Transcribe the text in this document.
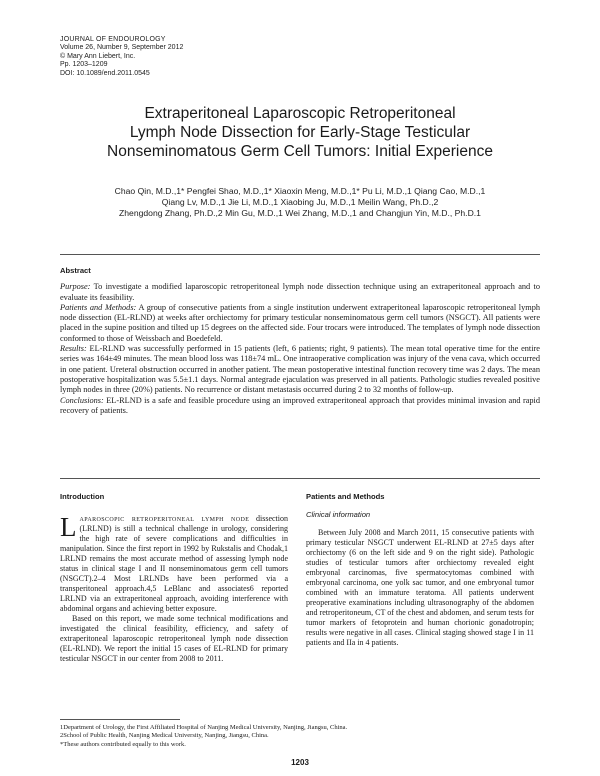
JOURNAL OF ENDOUROLOGY
Volume 26, Number 9, September 2012
© Mary Ann Liebert, Inc.
Pp. 1203–1209
DOI: 10.1089/end.2011.0545
Extraperitoneal Laparoscopic Retroperitoneal
Lymph Node Dissection for Early-Stage Testicular
Nonseminomatous Germ Cell Tumors: Initial Experience
Chao Qin, M.D.,1* Pengfei Shao, M.D.,1* Xiaoxin Meng, M.D.,1* Pu Li, M.D.,1 Qiang Cao, M.D.,1
Qiang Lv, M.D.,1 Jie Li, M.D.,1 Xiaobing Ju, M.D.,1 Meilin Wang, Ph.D.,2
Zhengdong Zhang, Ph.D.,2 Min Gu, M.D.,1 Wei Zhang, M.D.,1 and Changjun Yin, M.D., Ph.D.1
Abstract

Purpose: To investigate a modified laparoscopic retroperitoneal lymph node dissection technique using an extraperitoneal approach and to evaluate its feasibility.

Patients and Methods: A group of consecutive patients from a single institution underwent extraperitoneal laparoscopic retroperitoneal lymph node dissection (EL-RLND) at weeks after orchiectomy for primary testicular nonseminomatous germ cell tumors (NSGCT). All patients were placed in the supine position and tilted up 15 degrees on the affected side. Four trocars were introduced. The templates of lymph node dissection conformed to those of Weissbach and Boedefeld.

Results: EL-RLND was successfully performed in 15 patients (left, 6 patients; right, 9 patients). The mean total operative time for the entire series was 164±49 minutes. The mean blood loss was 118±74 mL. One intraoperative complication was injury of the vena cava, which occurred in one patient. Ureteral obstruction occurred in another patient. The mean postoperative intestinal function recovery time was 2 days. The mean postoperative hospitalization was 5.5±1.1 days. Normal antegrade ejaculation was preserved in all patients. Pathologic studies revealed positive lymph nodes in three (20%) patients. No recurrence or distant metastasis occurred during 2 to 32 months of follow-up.

Conclusions: EL-RLND is a safe and feasible procedure using an improved extraperitoneal approach that provides minimal invasion and rapid recovery of patients.

Introduction

Laparoscopic retroperitoneal lymph node dissection (LRLND) is still a technical challenge in urology, considering the high rate of severe complications and difficulties in manipulation. Since the first report in 1992 by Rukstalis and Chodak,1 LRLND remains the most accurate method of assessing lymph node status in clinical stage I and II nonseminomatous germ cell tumors (NSGCT).2–4 Most LRLNDs have been performed via a transperitoneal approach.4,5 LeBlanc and associates6 reported LRLND via an extraperitoneal approach, avoiding interference with abdominal organs and achieving better exposure.

Based on this report, we made some technical modifications and investigated the clinical feasibility, efficiency, and safety of extraperitoneal laparoscopic retroperitoneal lymph node dissection (EL-RLND). We report the initial 15 cases of EL-RLND for primary testicular NSGCT in our center from 2008 to 2011.

Patients and Methods
Clinical information

Between July 2008 and March 2011, 15 consecutive patients with primary testicular NSGCT underwent EL-RLND at 27±5 days after orchiectomy (6 on the left side and 9 on the right side). Pathologic studies of testicular tumors after orchiectomy revealed eight embryonal carcinomas, five spermatocytomas combined with embryonal carcinoma, one yolk sac tumor, and one embryonal tumor combined with an immature teratoma. All patients underwent preoperative examinations including ultrasonography of the abdomen and retroperitoneum, CT of the chest and abdomen, and serum tests for tumor markers of fetoprotein and human chorionic gonadotropin; results were negative in all cases. Clinical staging showed stage I in 11 patients and IIa in 4 patients.

1Department of Urology, the First Affiliated Hospital of Nanjing Medical University, Nanjing, Jiangsu, China.

2School of Public Health, Nanjing Medical University, Nanjing, Jiangsu, China.

*These authors contributed equally to this work.

1203
